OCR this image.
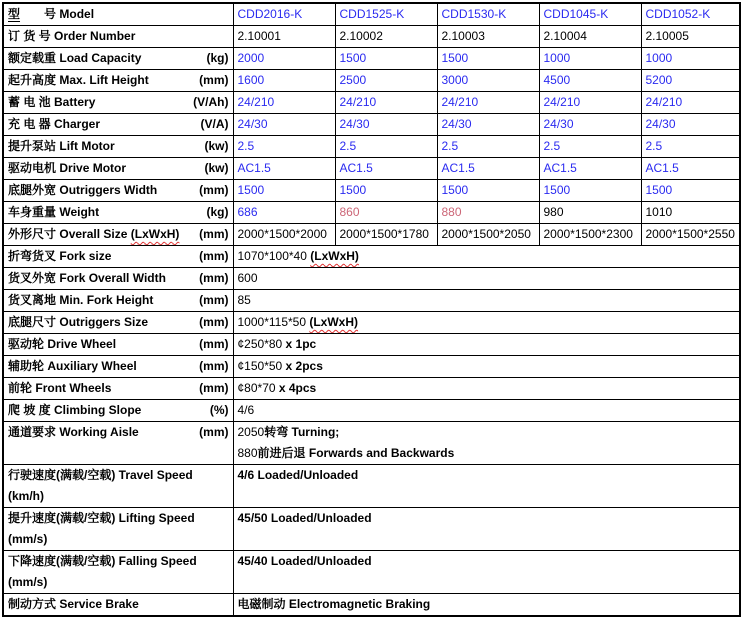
型 号 Model	CDD2016-K	CDD1525-K	CDD1530-K	CDD1045-K	CDD1052-K

订 货 号 Order Number	2.10001	2.10002	2.10003	2.10004	2.10005

额定载重 Load Capacity (kg)	2000	1500	1500	1000	1000

起升高度 Max. Lift Height (mm)	1600	2500	3000	4500	5200

蓄 电 池 Battery (V/Ah)	24/210	24/210	24/210	24/210	24/210

充 电 器 Charger (V/A)	24/30	24/30	24/30	24/30	24/30

提升泵站 Lift Motor (kw)	2.5	2.5	2.5	2.5	2.5

驱动电机 Drive Motor (kw)	AC1.5	AC1.5	AC1.5	AC1.5	AC1.5

底腿外宽 Outriggers Width (mm)	1500	1500	1500	1500	1500

车身重量 Weight (kg)	686	860	880	980	1010

外形尺寸 Overall Size (LxWxH) (mm)	2000*1500*2000	2000*1500*1780	2000*1500*2050	2000*1500*2300	2000*1500*2550

折弯货叉 Fork size (mm)	1070*100*40 (LxWxH)				

货叉外宽 Fork Overall Width (mm)	600				

货叉离地 Min. Fork Height (mm)	85				

底腿尺寸 Outriggers Size (mm)	1000*115*50 (LxWxH)				

驱动轮 Drive Wheel (mm)	¢250*80 x 1pc				

辅助轮 Auxiliary Wheel (mm)	¢150*50 x 2pcs				

前轮 Front Wheels (mm)	¢80*70 x 4pcs				

爬 坡 度 Climbing Slope (%)	4/6				

通道要求 Working Aisle (mm)	2050转弯 Turning;
880前进后退 Forwards and Backwards				
行驶速度(满载/空载) Travel Speed
(km/h)	4/6 Loaded/Unloaded				
提升速度(满载/空载) Lifting Speed
(mm/s)	45/50 Loaded/Unloaded				
下降速度(满载/空载) Falling Speed
(mm/s)	45/40 Loaded/Unloaded				

制动方式 Service Brake	电磁制动 Electromagnetic Braking				
